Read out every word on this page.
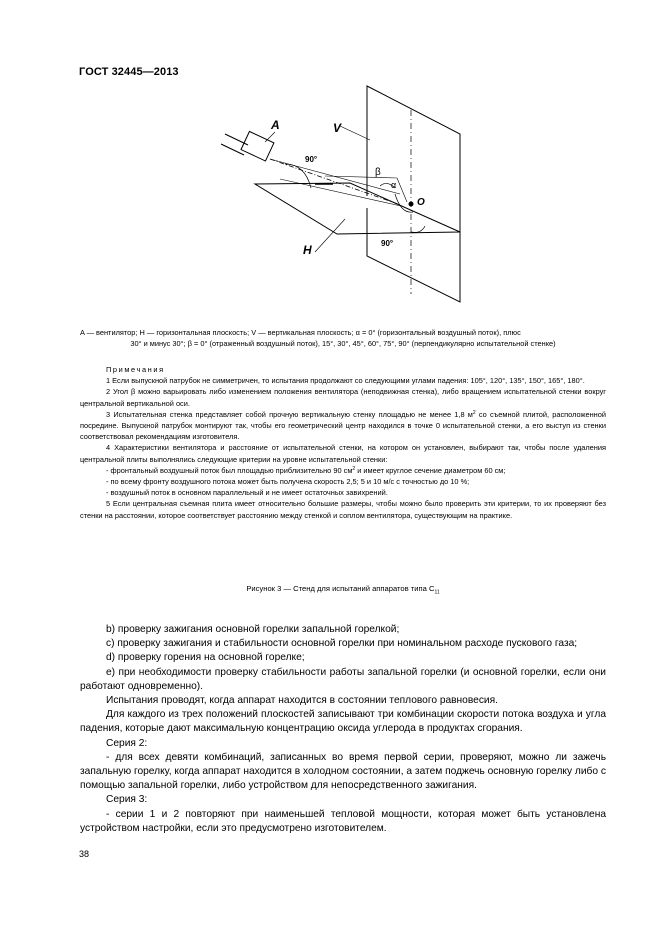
ГОСТ 32445—2013
A	V
H
O
90°
90°
β
α
A — вентилятор; H — горизонтальная плоскость; V — вертикальная плоскость; α = 0° (горизонтальный воздушный поток), плюс
30° и минус 30°; β = 0° (отраженный воздушный поток), 15°, 30°, 45°, 60°, 75°, 90° (перпендикулярно испытательной стенке)
Примечания

1 Если выпускной патрубок не симметричен, то испытания продолжают со следующими углами падения: 105°, 120°, 135°, 150°, 165°, 180°.

2 Угол β можно варьировать либо изменением положения вентилятора (неподвижная стенка), либо вращением испытательной стенки вокруг центральной вертикальной оси.

3 Испытательная стенка представляет собой прочную вертикальную стенку площадью не менее 1,8 $м^2$ со съемной плитой, расположенной посредине. Выпускной патрубок монтируют так, чтобы его геометрический центр находился в точке 0 испытательной стенки, а его выступ из стенки соответствовал рекомендациям изготовителя.

4 Характеристики вентилятора и расстояние от испытательной стенки, на котором он установлен, выбирают так, чтобы после удаления центральной плиты выполнялись следующие критерии на уровне испытательной стенки:

- фронтальный воздушный поток был площадью приблизительно 90 $см^2$ и имеет круглое сечение диаметром 60 см;

- по всему фронту воздушного потока может быть получена скорость 2,5; 5 и 10 м/с с точностью до 10 %;

- воздушный поток в основном параллельный и не имеет остаточных завихрений.

5 Если центральная съемная плита имеет относительно большие размеры, чтобы можно было проверить эти критерии, то их проверяют без стенки на расстоянии, которое соответствует расстоянию между стенкой и соплом вентилятора, существующим на практике.

Рисунок 3 — Стенд для испытаний аппаратов типа $C_{11}$

b) проверку зажигания основной горелки запальной горелкой;

c) проверку зажигания и стабильности основной горелки при номинальном расходе пускового газа;

d) проверку горения на основной горелке;

e) при необходимости проверку стабильности работы запальной горелки (и основной горелки, если они работают одновременно).

Испытания проводят, когда аппарат находится в состоянии теплового равновесия.

Для каждого из трех положений плоскостей записывают три комбинации скорости потока воздуха и угла падения, которые дают максимальную концентрацию оксида углерода в продуктах сгорания.

Серия 2:

- для всех девяти комбинаций, записанных во время первой серии, проверяют, можно ли зажечь запальную горелку, когда аппарат находится в холодном состоянии, а затем поджечь основную горелку либо с помощью запальной горелки, либо устройством для непосредственного зажигания.

Серия 3:

- серии 1 и 2 повторяют при наименьшей тепловой мощности, которая может быть установлена устройством настройки, если это предусмотрено изготовителем.

38
